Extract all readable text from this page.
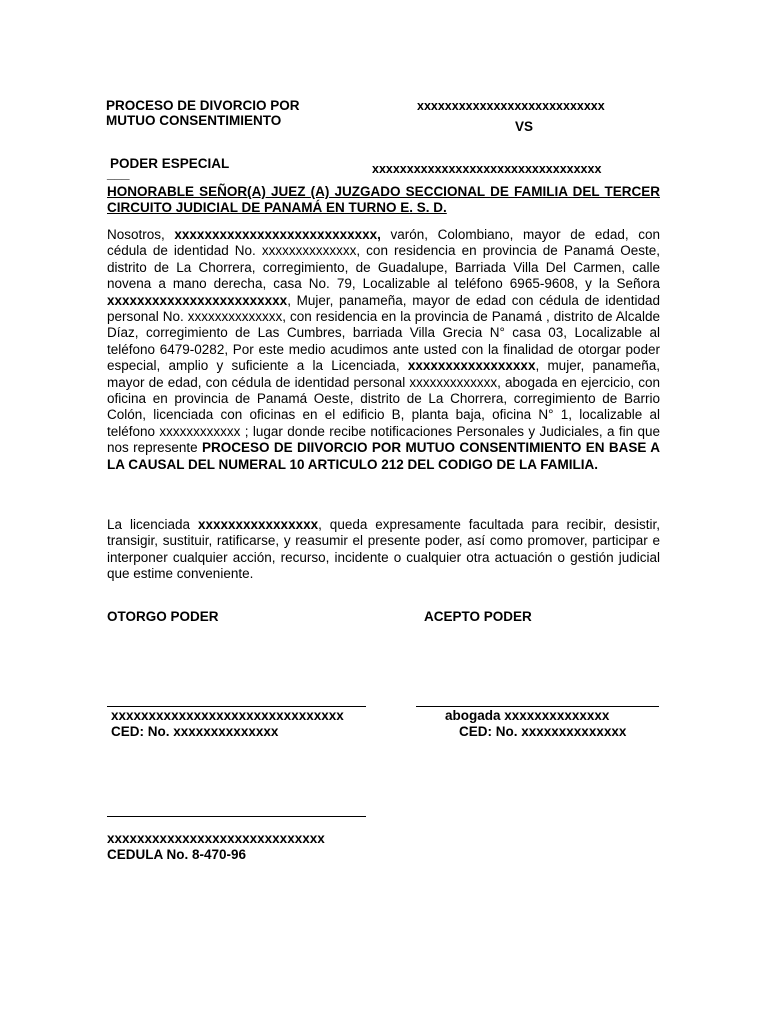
PROCESO DE DIVORCIO POR
MUTUO CONSENTIMIENTO
xxxxxxxxxxxxxxxxxxxxxxxxxxx
VS
PODER ESPECIAL
___	xxxxxxxxxxxxxxxxxxxxxxxxxxxxxxxxx
HONORABLE SEÑOR(A) JUEZ (A) JUZGADO SECCIONAL DE FAMILIA DEL TERCER CIRCUITO JUDICIAL DE PANAMÁ EN TURNO E. S. D.
Nosotros, xxxxxxxxxxxxxxxxxxxxxxxxxxx, varón, Colombiano, mayor de edad, con cédula de identidad No. xxxxxxxxxxxxxx, con residencia en provincia de Panamá Oeste, distrito de La Chorrera, corregimiento, de Guadalupe, Barriada Villa Del Carmen, calle novena a mano derecha, casa No. 79, Localizable al teléfono 6965-9608, y la Señora xxxxxxxxxxxxxxxxxxxxxxxx, Mujer, panameña, mayor de edad con cédula de identidad personal No. xxxxxxxxxxxxxx, con residencia en la provincia de Panamá , distrito de Alcalde Díaz, corregimiento de Las Cumbres, barriada Villa Grecia N° casa 03, Localizable al teléfono 6479-0282, Por este medio acudimos ante usted con la finalidad de otorgar poder especial, amplio y suficiente a la Licenciada, xxxxxxxxxxxxxxxxx, mujer, panameña, mayor de edad, con cédula de identidad personal xxxxxxxxxxxxx, abogada en ejercicio, con oficina en provincia de Panamá Oeste, distrito de La Chorrera, corregimiento de Barrio Colón, licenciada con oficinas en el edificio B, planta baja, oficina N° 1, localizable al teléfono xxxxxxxxxxxx ; lugar donde recibe notificaciones Personales y Judiciales, a fin que nos represente PROCESO DE DIIVORCIO POR MUTUO CONSENTIMIENTO EN BASE A LA CAUSAL DEL NUMERAL 10 ARTICULO 212 DEL CODIGO DE LA FAMILIA.
La licenciada xxxxxxxxxxxxxxxx, queda expresamente facultada para recibir, desistir, transigir, sustituir, ratificarse, y reasumir el presente poder, así como promover, participar e interponer cualquier acción, recurso, incidente o cualquier otra actuación o gestión judicial que estime conveniente.
OTORGO PODER	ACEPTO PODER
xxxxxxxxxxxxxxxxxxxxxxxxxxxxxxx
CED: No. xxxxxxxxxxxxxx
abogada xxxxxxxxxxxxxx
CED: No. xxxxxxxxxxxxxx
xxxxxxxxxxxxxxxxxxxxxxxxxxxxx
CEDULA No. 8-470-96
